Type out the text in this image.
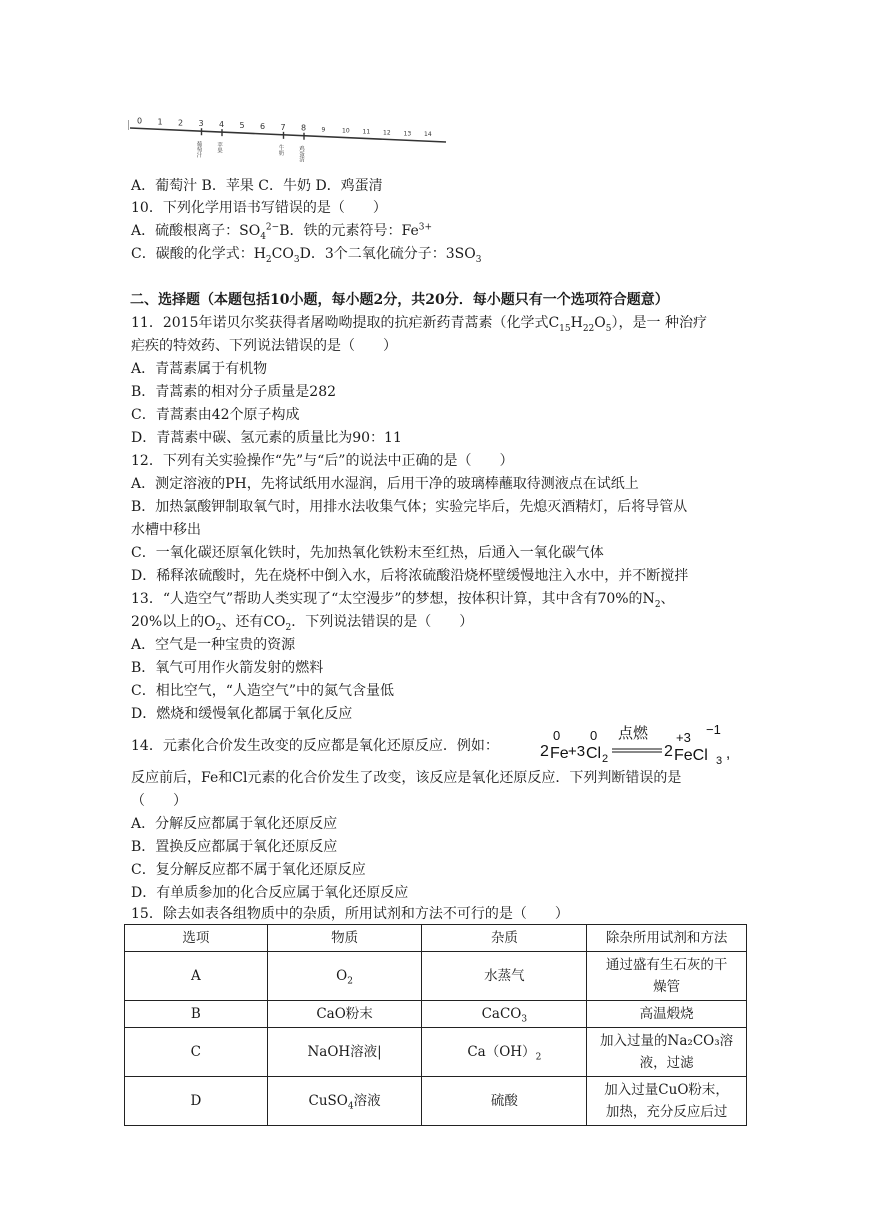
0 1 2 3 4 5 6 7 8	9	10 11 12 13 14
葡萄汁	苹果	牛奶	鸡蛋清
A．葡萄汁 B．苹果 C．牛奶 D．鸡蛋清
10．下列化学用语书写错误的是（　　）
A．硫酸根离子：$SO_4^{2-}B$．铁的元素符号：$Fe^{3+}$
C．碳酸的化学式：$H_2CO_3D$．3个二氧化硫分子：$3SO_3$
二、选择题（本题包括10小题，每小题2分，共20分．每小题只有一个选项符合题意）
11．2015年诺贝尔奖获得者屠呦呦提取的抗疟新药青蒿素（化学式$C_{15}H_{22}O_5$），是一 种治疗
疟疾的特效药、下列说法错误的是（　　）
A．青蒿素属于有机物
B．青蒿素的相对分子质量是282
C．青蒿素由42个原子构成
D．青蒿素中碳、氢元素的质量比为90：11
12．下列有关实验操作“先”与“后”的说法中正确的是（　　）
A．测定溶液的PH，先将试纸用水湿润，后用干净的玻璃棒蘸取待测液点在试纸上
B．加热氯酸钾制取氧气时，用排水法收集气体；实验完毕后，先熄灭酒精灯，后将导管从
水槽中移出
C．一氧化碳还原氧化铁时，先加热氧化铁粉末至红热，后通入一氧化碳气体
D．稀释浓硫酸时，先在烧杯中倒入水，后将浓硫酸沿烧杯壁缓慢地注入水中，并不断搅拌
13．“人造空气”帮助人类实现了“太空漫步”的梦想，按体积计算，其中含有70%的$N_2$、
20%以上的$O_2$、还有$CO_2$．下列说法错误的是（　　）
A．空气是一种宝贵的资源
B．氧气可用作火箭发射的燃料
C．相比空气，“人造空气”中的氮气含量低
D．燃烧和缓慢氧化都属于氧化反应
14．元素化合价发生改变的反应都是氧化还原反应．例如：	2 Fe
0
+3 Cl 2
0 点燃
2 FeCl 3
+3
−1
,
反应前后，Fe和Cl元素的化合价发生了改变，该反应是氧化还原反应．下列判断错误的是
（　　）
A．分解反应都属于氧化还原反应
B．置换反应都属于氧化还原反应
C．复分解反应都不属于氧化还原反应
D．有单质参加的化合反应属于氧化还原反应
15．除去如表各组物质中的杂质，所用试剂和方法不可行的是（　　）
选项	物质	杂质	除杂所用试剂和方法
A	$O_2$	水蒸气	通过盛有生石灰的干
燥管

B	CaO粉末	CaCO$_3$	高温煅烧
C	NaOH溶液|	$Ca(OH)_2$	加入过量的Na₂CO₃溶
液，过滤

D	CuSO$_4$溶液	硫酸	加入过量CuO粉末，
加热，充分反应后过
